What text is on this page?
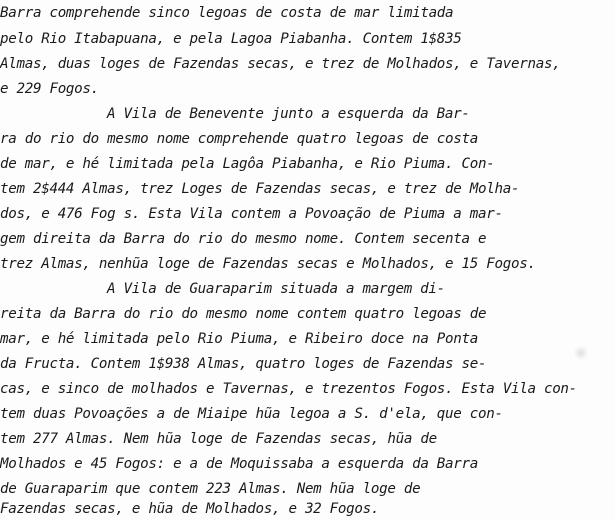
Barra comprehende sinco legoas de costa de mar limitada
pelo Rio Itabapuana, e pela Lagoa Piabanha. Contem 1$835
Almas, duas loges de Fazendas secas, e trez de Molhados, e Tavernas,
e 229 Fogos.
A Vila de Benevente junto a esquerda da Bar-
ra do rio do mesmo nome comprehende quatro legoas de costa
de mar, e hé limitada pela Lagôa Piabanha, e Rio Piuma. Con-
tem 2$444 Almas, trez Loges de Fazendas secas, e trez de Molha-
dos, e 476 Fog s. Esta Vila contem a Povoação de Piuma a mar-
gem direita da Barra do rio do mesmo nome. Contem secenta e
trez Almas, nenhũa loge de Fazendas secas e Molhados, e 15 Fogos.
A Vila de Guaraparim situada a margem di-
reita da Barra do rio do mesmo nome contem quatro legoas de
mar, e hé limitada pelo Rio Piuma, e Ribeiro doce na Ponta
da Fructa. Contem 1$938 Almas, quatro loges de Fazendas se-
cas, e sinco de molhados e Tavernas, e trezentos Fogos. Esta Vila con-
tem duas Povoações a de Miaipe hũa legoa a S. d'ela, que con-
tem 277 Almas. Nem hũa loge de Fazendas secas, hũa de
Molhados e 45 Fogos: e a de Moquissaba a esquerda da Barra
de Guaraparim que contem 223 Almas. Nem hũa loge de
Fazendas secas, e hũa de Molhados, e 32 Fogos.
